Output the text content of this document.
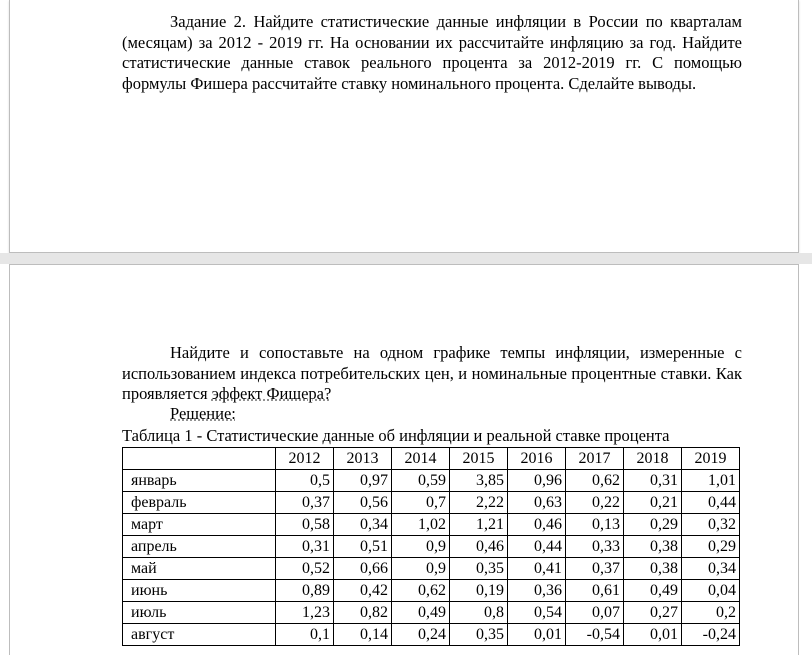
Задание 2. Найдите статистические данные инфляции в России по кварталам (месяцам) за 2012 - 2019 гг. На основании их рассчитайте инфляцию за год. Найдите статистические данные ставок реального процента за 2012-2019 гг. С помощью формулы Фишера рассчитайте ставку номинального процента. Сделайте выводы.
Найдите и сопоставьте на одном графике темпы инфляции, измеренные с использованием индекса потребительских цен, и номинальные процентные ставки. Как проявляется эффект Фишера?
Решение:
Таблица 1 - Статистические данные об инфляции и реальной ставке процента
	2012	2013	2014	2015	2016	2017	2018	2019
январь	0,5	0,97	0,59	3,85	0,96	0,62	0,31	1,01
февраль	0,37	0,56	0,7	2,22	0,63	0,22	0,21	0,44
март	0,58	0,34	1,02	1,21	0,46	0,13	0,29	0,32
апрель	0,31	0,51	0,9	0,46	0,44	0,33	0,38	0,29
май	0,52	0,66	0,9	0,35	0,41	0,37	0,38	0,34
июнь	0,89	0,42	0,62	0,19	0,36	0,61	0,49	0,04
июль	1,23	0,82	0,49	0,8	0,54	0,07	0,27	0,2
август	0,1	0,14	0,24	0,35	0,01	-0,54	0,01	-0,24
